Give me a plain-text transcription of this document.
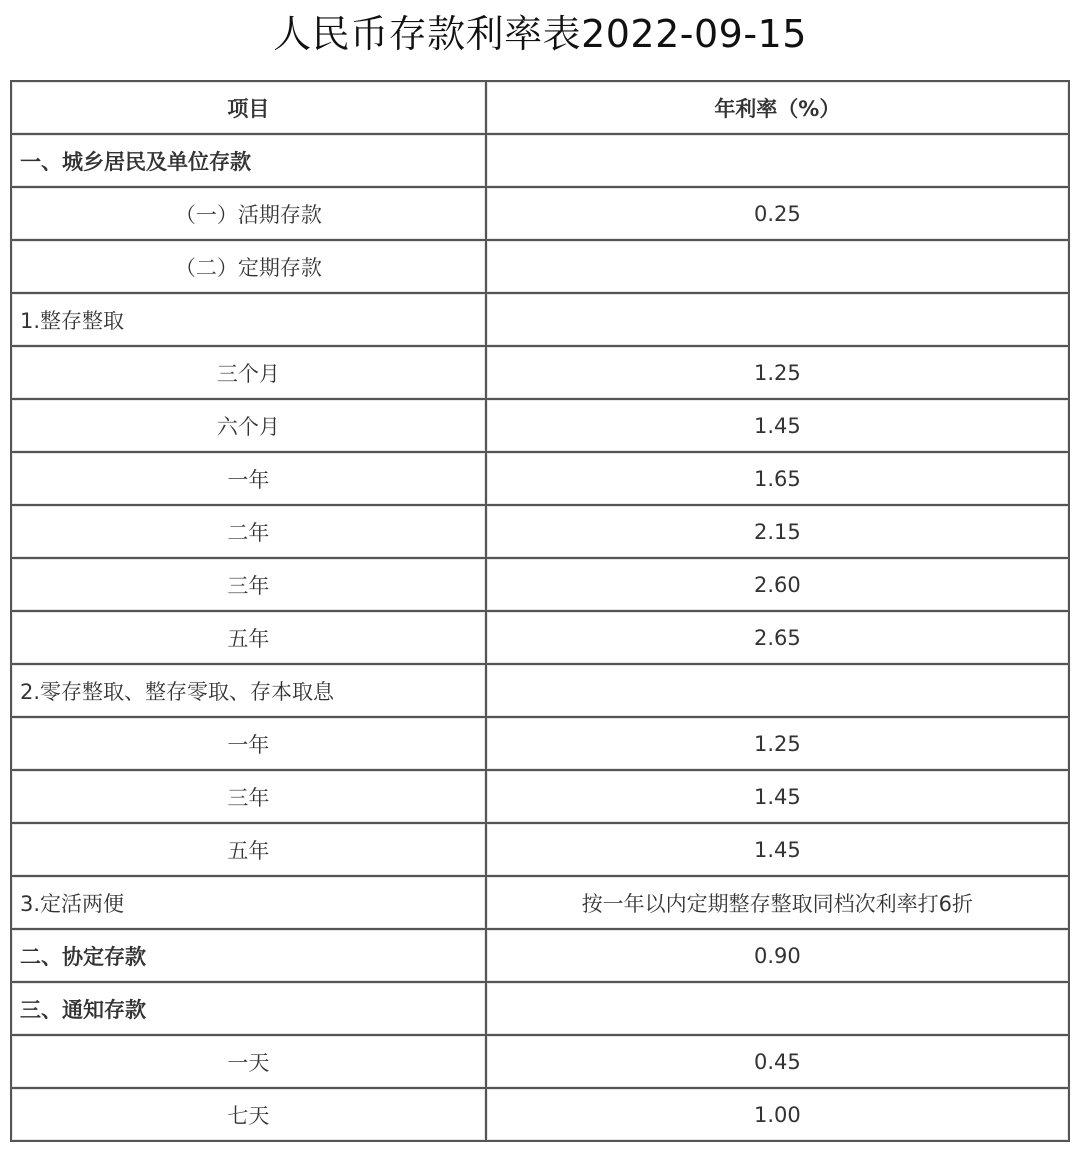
人民币存款利率表2022-09-15
项目	年利率（%）
一、城乡居民及单位存款	
（一）活期存款	0.25
（二）定期存款	
1.整存整取	
三个月	1.25
六个月	1.45
一年	1.65
二年	2.15
三年	2.60
五年	2.65
2.零存整取、整存零取、存本取息	
一年	1.25
三年	1.45
五年	1.45
3.定活两便	按一年以内定期整存整取同档次利率打6折
二、协定存款	0.90
三、通知存款	
一天	0.45
七天	1.00
